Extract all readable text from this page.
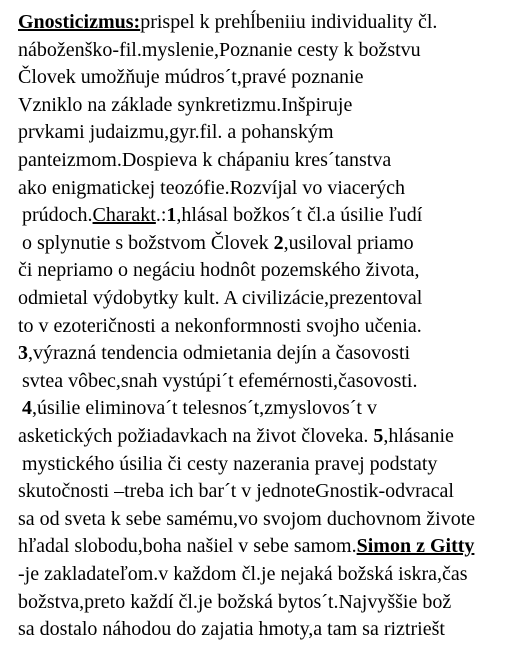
Gnosticizmus:prispel k prehĺbeniiu individuality čl.
náboženško-fil.myslenie,Poznanie cesty k božstvu
Človek umožňuje múdros´t,pravé poznanie
Vzniklo na základe synkretizmu.Inšpiruje
prvkami judaizmu,gyr.fil. a pohanským
panteizmom.Dospieva k chápaniu kres´tanstva
ako enigmatickej teozófie.Rozvíjal vo viacerých
prúdoch.Charakt.:1,hlásal božkos´t čl.a úsilie ľudí
o splynutie s božstvom Človek 2,usiloval priamo
či nepriamo o negáciu hodnôt pozemského života,
odmietal výdobytky kult. A civilizácie,prezentoval
to v ezoteričnosti a nekonformnosti svojho učenia.
3,výrazná tendencia odmietania dejín a časovosti
svtea vôbec,snah vystúpi´t efemérnosti,časovosti.
4,úsilie eliminova´t telesnos´t,zmyslovos´t v
asketických požiadavkach na život človeka. 5,hlásanie
mystického úsilia či cesty nazerania pravej podstaty
skutočnosti –treba ich bar´t v jednoteGnostik-odvracal
sa od sveta k sebe samému,vo svojom duchovnom živote
hľadal slobodu,boha našiel v sebe samom.Simon z Gitty
-je zakladateľom.v každom čl.je nejaká božská iskra,čas
božstva,preto každí čl.je božská bytos´t.Najvyššie bož
sa dostalo náhodou do zajatia hmoty,a tam sa riztriešt
